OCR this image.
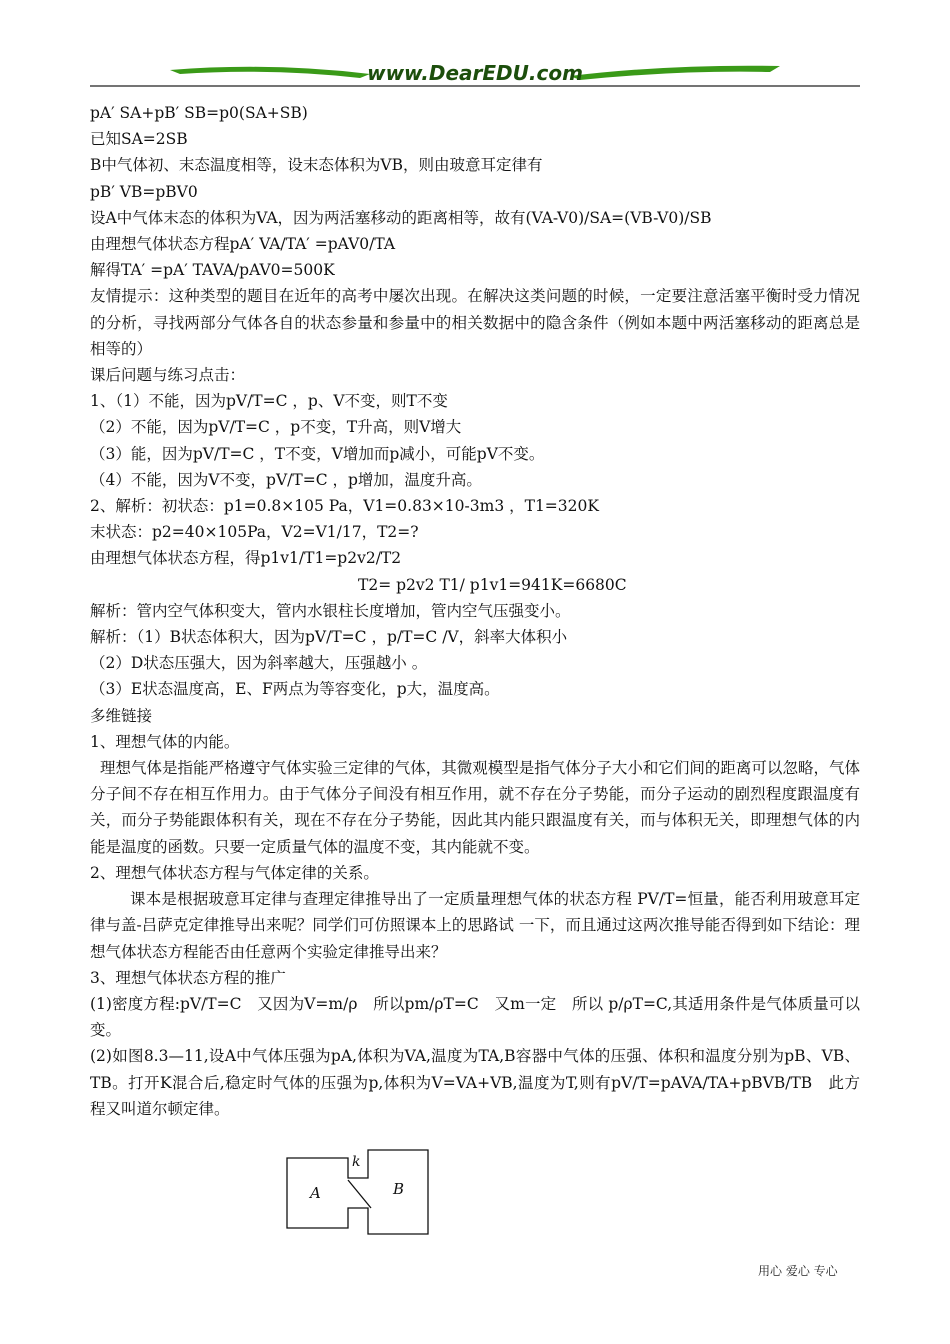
www.DearEDU.com

pA′ SA+pB′ SB=p0(SA+SB)

已知SA=2SB

B中气体初、末态温度相等，设末态体积为VB，则由玻意耳定律有

pB′ VB=pBV0

设A中气体末态的体积为VA，因为两活塞移动的距离相等，故有(VA-V0)/SA=(VB-V0)/SB

由理想气体状态方程pA′ VA/TA′ =pAV0/TA

解得TA′ =pA′ TAVA/pAV0=500K

友情提示：这种类型的题目在近年的高考中屡次出现。在解决这类问题的时候，一定要注意活塞平衡时受力情况的分析，寻找两部分气体各自的状态参量和参量中的相关数据中的隐含条件（例如本题中两活塞移动的距离总是相等的）

课后问题与练习点击：

1、（1）不能，因为pV/T=C ，p、V不变，则T不变

（2）不能，因为pV/T=C ，p不变，T升高，则V增大

（3）能，因为pV/T=C ，T不变，V增加而p减小，可能pV不变。

（4）不能，因为V不变，pV/T=C ，p增加，温度升高。

2、解析：初状态：p1=0.8×105 Pa，V1=0.83×10-3m3 ，T1=320K

末状态：p2=40×105Pa，V2=V1/17，T2=?

由理想气体状态方程，得p1v1/T1=p2v2/T2

T2= p2v2 T1/ p1v1=941K=6680C

解析：管内空气体积变大，管内水银柱长度增加，管内空气压强变小。

解析：（1）B状态体积大，因为pV/T=C ，p/T=C /V，斜率大体积小

（2）D状态压强大，因为斜率越大，压强越小 。

（3）E状态温度高，E、F两点为等容变化，p大，温度高。

多维链接

1、理想气体的内能。

理想气体是指能严格遵守气体实验三定律的气体，其微观模型是指气体分子大小和它们间的距离可以忽略，气体分子间不存在相互作用力。由于气体分子间没有相互作用，就不存在分子势能，而分子运动的剧烈程度跟温度有关，而分子势能跟体积有关，现在不存在分子势能，因此其内能只跟温度有关，而与体积无关，即理想气体的内能是温度的函数。只要一定质量气体的温度不变，其内能就不变。

2、理想气体状态方程与气体定律的关系。

课本是根据玻意耳定律与查理定律推导出了一定质量理想气体的状态方程 PV/T=恒量，能否利用玻意耳定律与盖-吕萨克定律推导出来呢？同学们可仿照课本上的思路试 一下，而且通过这两次推导能否得到如下结论：理想气体状态方程能否由任意两个实验定律推导出来？

3、理想气体状态方程的推广

(1)密度方程:pV/T=C　又因为V=m/ρ　所以pm/ρT=C　又m一定　所以 p/ρT=C,其适用条件是气体质量可以变。

(2)如图8.3—11,设A中气体压强为pA,体积为VA,温度为TA,B容器中气体的压强、体积和温度分别为pB、VB、TB。打开K混合后,稳定时气体的压强为p,体积为V=VA+VB,温度为T,则有pV/T=pAVA/TA+pBVB/TB　此方程又叫道尔顿定律。

A	B
k
用心 爱心 专心
